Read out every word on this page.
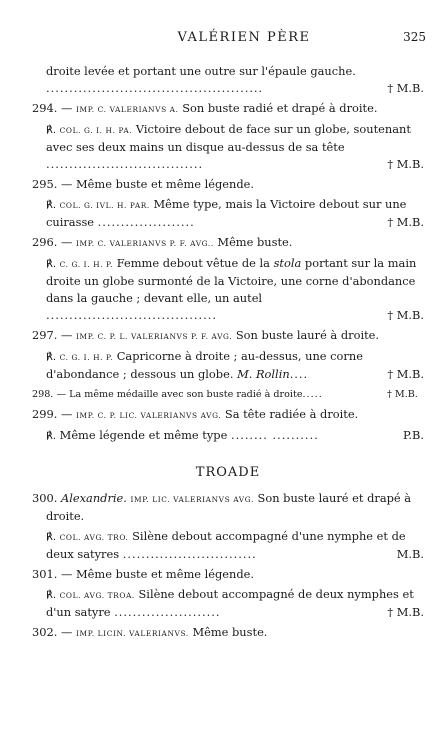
VALÉRIEN PÈRE	325

droite levée et portant une outre sur l'épaule gauche. ...............................................	† M.B.

294. — IMP. C. VALERIANVS A. Son buste radié et drapé à droite.

℟. COL. G. I. H. PA. Victoire debout de face sur un globe, soutenant avec ses deux mains un disque au-dessus de sa tête ..................................	† M.B.

295. — Même buste et même légende.

℟. COL. G. IVL. H. PAR. Même type, mais la Victoire debout sur une cuirasse .....................	† M.B.

296. — IMP. C. VALERIANVS P. F. AVG.. Même buste.

℟. C. G. I. H. P. Femme debout vêtue de la stola portant sur la main droite un globe surmonté de la Victoire, une corne d'abondance dans la gauche ; devant elle, un autel .....................................	† M.B.

297. — IMP. C. P. L. VALERIANVS P. F. AVG. Son buste lauré à droite.

℟. C. G. I. H. P. Capricorne à droite ; au-dessus, une corne d'abondance ; dessous un globe. M. Rollin....	† M.B.

298. — La même médaille avec son buste radié à droite.....	† M.B.

299. — IMP. C. P. LIC. VALERIANVS AVG. Sa tête radiée à droite.

℟. Même légende et même type ........ ..........	P.B.

TROADE

300. Alexandrie. IMP. LIC. VALERIANVS AVG. Son buste lauré et drapé à droite.

℟. COL. AVG. TRO. Silène debout accompagné d'une nymphe et de deux satyres .............................	M.B.

301. — Même buste et même légende.

℟. COL. AVG. TROA. Silène debout accompagné de deux nymphes et d'un satyre .......................	† M.B.

302. — IMP. LICIN. VALERIANVS. Même buste.
